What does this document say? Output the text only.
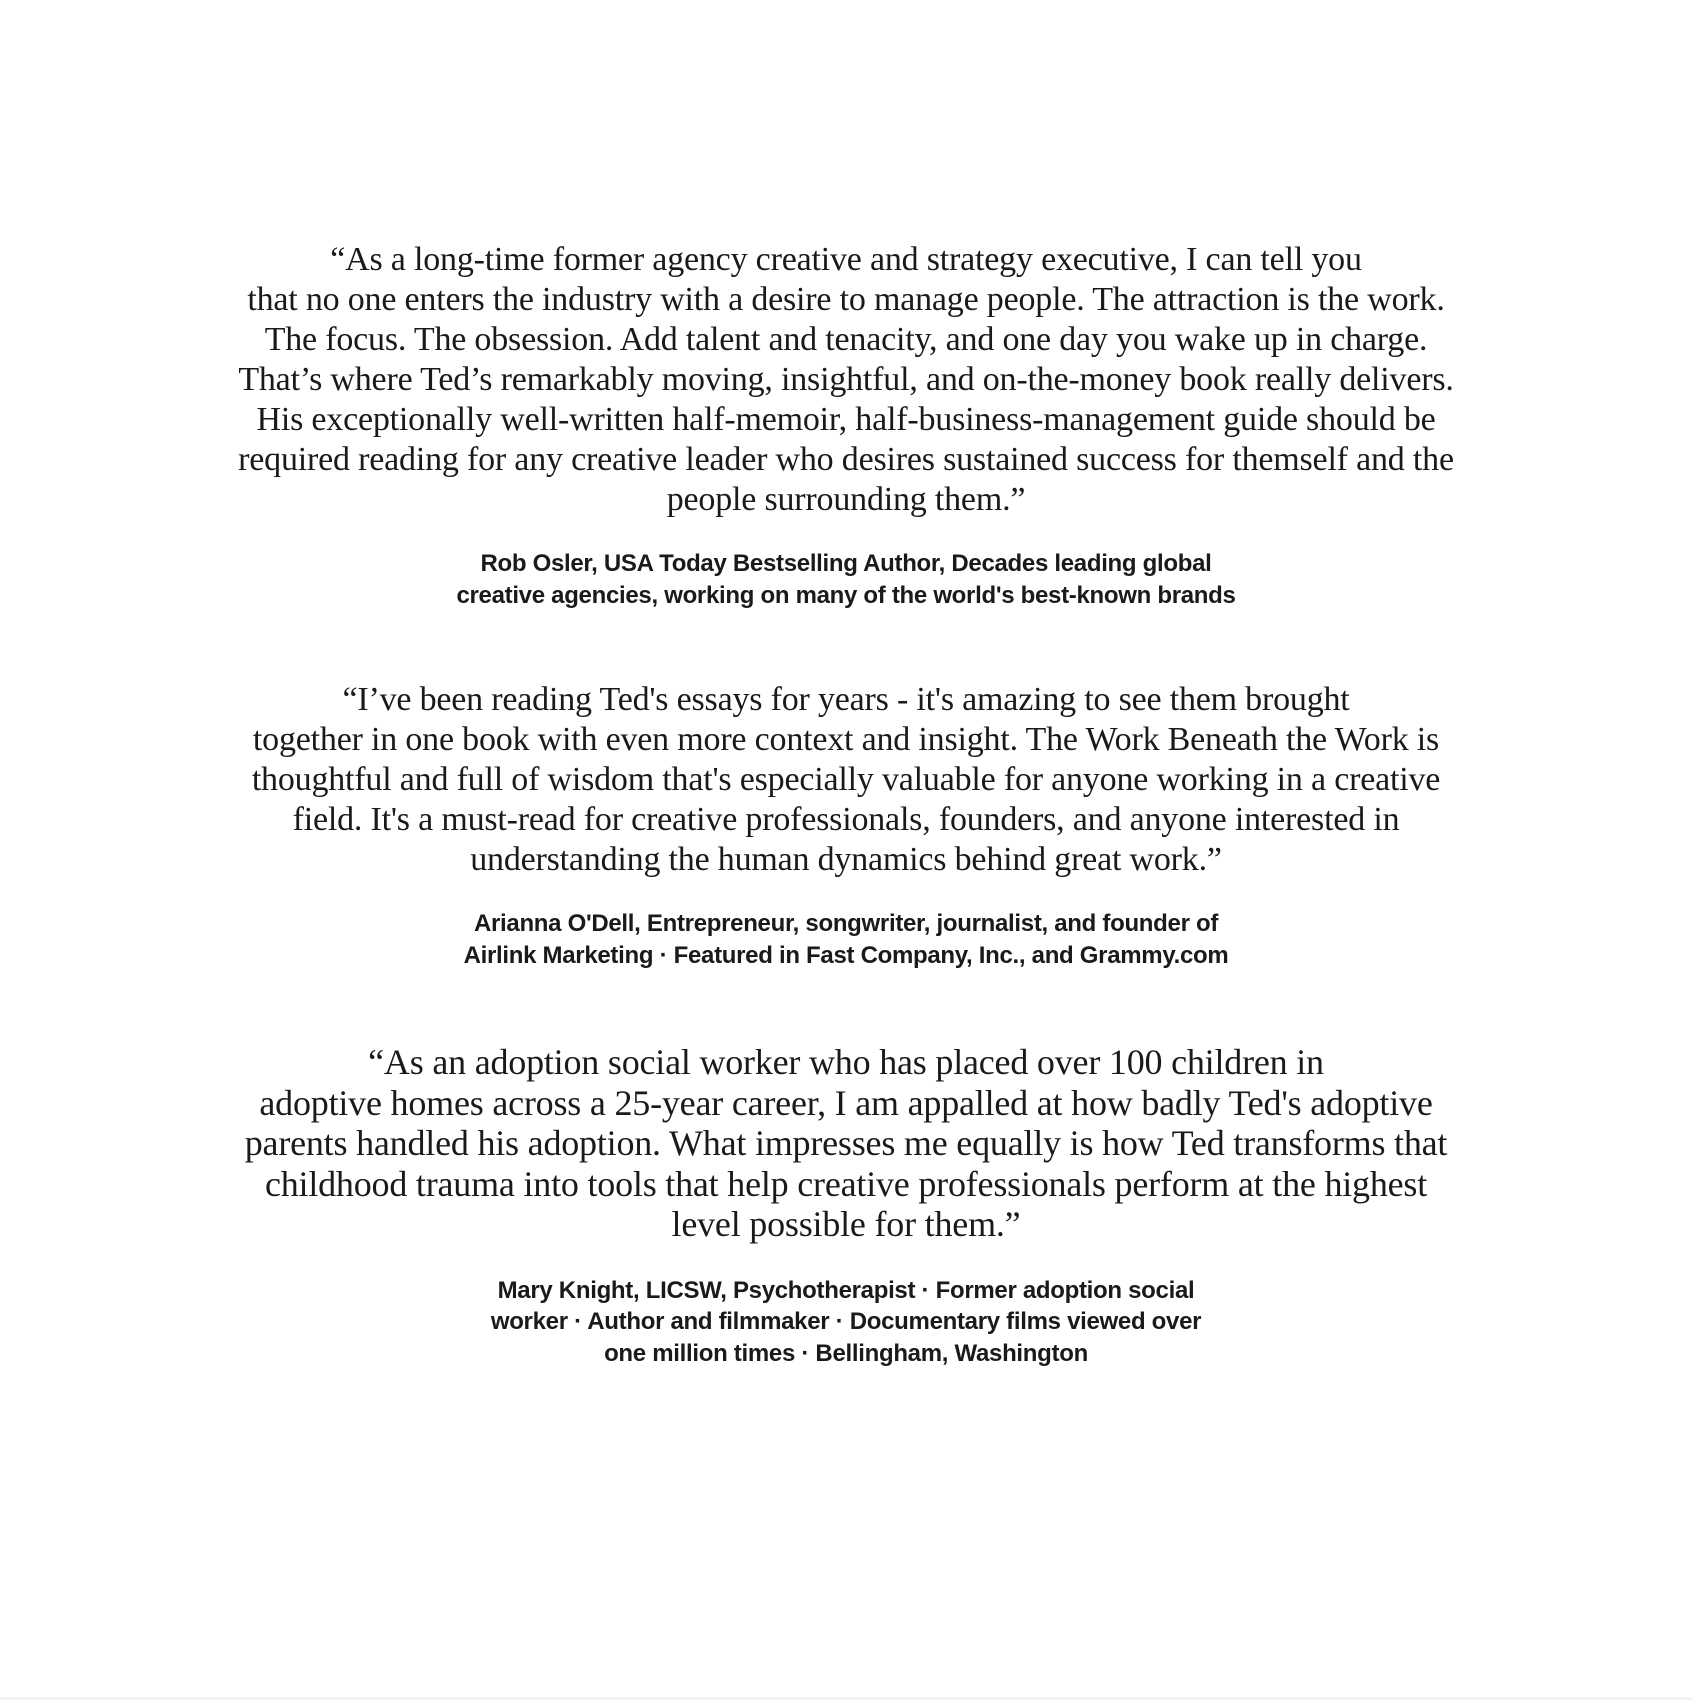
“As a long-time former agency creative and strategy executive, I can tell you
that no one enters the industry with a desire to manage people. The attraction is the work.
The focus. The obsession. Add talent and tenacity, and one day you wake up in charge.
That’s where Ted’s remarkably moving, insightful, and on-the-money book really delivers.
His exceptionally well-written half-memoir, half-business-management guide should be
required reading for any creative leader who desires sustained success for themself and the
people surrounding them.”
Rob Osler, USA Today Bestselling Author, Decades leading global
creative agencies, working on many of the world's best-known brands
“I’ve been reading Ted's essays for years - it's amazing to see them brought
together in one book with even more context and insight. The Work Beneath the Work is
thoughtful and full of wisdom that's especially valuable for anyone working in a creative
field. It's a must-read for creative professionals, founders, and anyone interested in
understanding the human dynamics behind great work.”
Arianna O'Dell, Entrepreneur, songwriter, journalist, and founder of
Airlink Marketing · Featured in Fast Company, Inc., and Grammy.com
“As an adoption social worker who has placed over 100 children in
adoptive homes across a 25-year career, I am appalled at how badly Ted's adoptive
parents handled his adoption. What impresses me equally is how Ted transforms that
childhood trauma into tools that help creative professionals perform at the highest
level possible for them.”
Mary Knight, LICSW, Psychotherapist · Former adoption social
worker · Author and filmmaker · Documentary films viewed over
one million times · Bellingham, Washington
